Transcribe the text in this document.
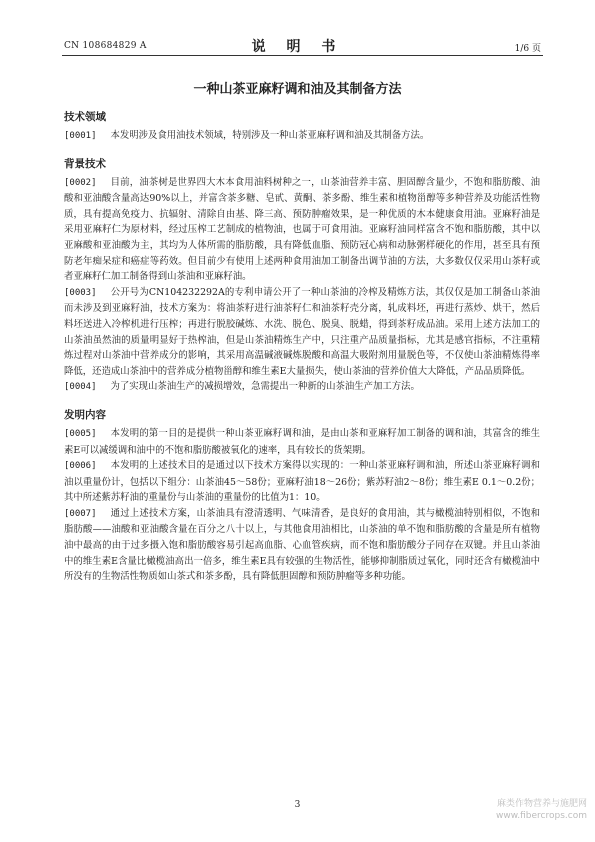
CN 108684829 A	说 明 书	1/6 页
一种山茶亚麻籽调和油及其制备方法
技术领域

[0001] 本发明涉及食用油技术领域，特别涉及一种山茶亚麻籽调和油及其制备方法。

背景技术

[0002] 目前，油茶树是世界四大木本食用油料树种之一，山茶油营养丰富、胆固醇含量少，不饱和脂肪酸、油酸和亚油酸含量高达90%以上，并富含茶多糖、皂甙、黄酮、茶多酚、维生素和植物甾醇等多种营养及功能活性物质，具有提高免疫力、抗辐射、清除自由基、降三高、预防肿瘤效果，是一种优质的木本健康食用油。亚麻籽油是采用亚麻籽仁为原材料，经过压榨工艺制成的植物油，也属于可食用油。亚麻籽油同样富含不饱和脂肪酸，其中以亚麻酸和亚油酸为主，其均为人体所需的脂肪酸，具有降低血脂、预防冠心病和动脉粥样硬化的作用，甚至具有预防老年痴呆症和癌症等药效。但目前少有使用上述两种食用油加工制备出调节油的方法，大多数仅仅采用山茶籽或者亚麻籽仁加工制备得到山茶油和亚麻籽油。

[0003] 公开号为CN104232292A的专利申请公开了一种山茶油的冷榨及精炼方法，其仅仅是加工制备山茶油而未涉及到亚麻籽油，技术方案为：将油茶籽进行油茶籽仁和油茶籽壳分离，轧成料坯，再进行蒸炒、烘干，然后料坯送进入冷榨机进行压榨；再进行脱胶碱炼、水洗、脱色、脱臭、脱蜡，得到茶籽成品油。采用上述方法加工的山茶油虽然油的质量明显好于热榨油，但是山茶油精炼生产中，只注重产品质量指标，尤其是感官指标，不注重精炼过程对山茶油中营养成分的影响，其采用高温碱液碱炼脱酸和高温大吸附剂用量脱色等，不仅使山茶油精炼得率降低，还造成山茶油中的营养成分植物甾醇和维生素E大量损失，使山茶油的营养价值大大降低，产品品质降低。

[0004] 为了实现山茶油生产的减损增效，急需提出一种新的山茶油生产加工方法。

发明内容

[0005] 本发明的第一目的是提供一种山茶亚麻籽调和油，是由山茶和亚麻籽加工制备的调和油，其富含的维生素E可以减缓调和油中的不饱和脂肪酸被氧化的速率，具有较长的货架期。

[0006] 本发明的上述技术目的是通过以下技术方案得以实现的：一种山茶亚麻籽调和油，所述山茶亚麻籽调和油以重量份计，包括以下组分：山茶油45～58份；亚麻籽油18～26份；紫苏籽油2～8份；维生素E 0.1～0.2份；其中所述紫苏籽油的重量份与山茶油的重量份的比值为1：10。

[0007] 通过上述技术方案，山茶油具有澄清透明、气味清香，是良好的食用油，其与橄榄油特别相似，不饱和脂肪酸——油酸和亚油酸含量在百分之八十以上，与其他食用油相比，山茶油的单不饱和脂肪酸的含量是所有植物油中最高的由于过多摄入饱和脂肪酸容易引起高血脂、心血管疾病，而不饱和脂肪酸分子同存在双键。并且山茶油中的维生素E含量比橄榄油高出一倍多，维生素E具有较强的生物活性，能够抑制脂质过氧化，同时还含有橄榄油中所没有的生物活性物质如山茶式和茶多酚，具有降低胆固醇和预防肿瘤等多种功能。

3	麻类作物营养与施肥网
www.fibercrops.com
